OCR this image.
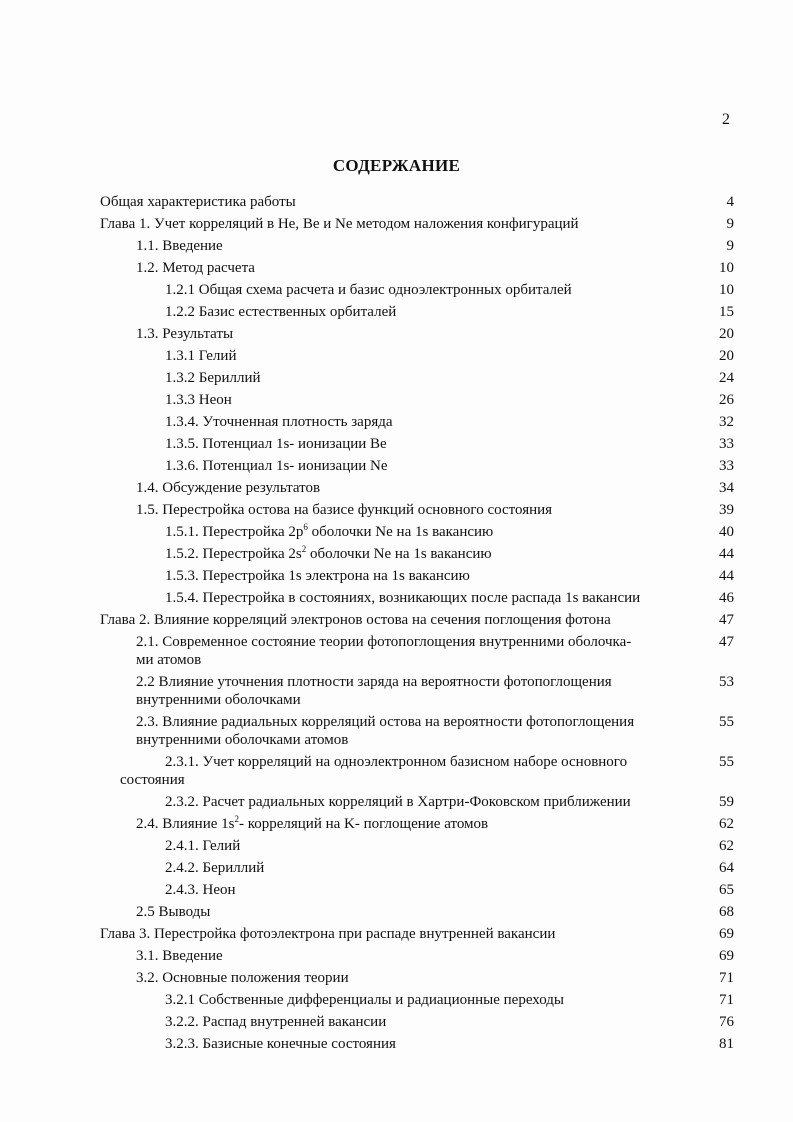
2
СОДЕРЖАНИЕ
Общая характеристика работы	4
Глава 1. Учет корреляций в He, Be и Ne методом наложения конфигураций	9
1.1. Введение	9
1.2. Метод расчета	10
1.2.1 Общая схема расчета и базис одноэлектронных орбиталей	10
1.2.2 Базис естественных орбиталей	15
1.3. Результаты	20
1.3.1 Гелий	20
1.3.2 Бериллий	24
1.3.3 Неон	26
1.3.4. Уточненная плотность заряда	32
1.3.5. Потенциал 1s- ионизации Be	33
1.3.6. Потенциал 1s- ионизации Ne	33
1.4. Обсуждение результатов	34
1.5. Перестройка остова на базисе функций основного состояния	39
1.5.1. Перестройка $2p^6$ оболочки Ne на 1s вакансию	40
1.5.2. Перестройка $2s^2$ оболочки Ne на 1s вакансию	44
1.5.3. Перестройка 1s электрона на 1s вакансию	44
1.5.4. Перестройка в состояниях, возникающих после распада 1s вакансии	46
Глава 2. Влияние корреляций электронов остова на сечения поглощения фотона	47
2.1. Современное состояние теории фотопоглощения внутренними оболочка-
ми атомов
47
2.2 Влияние уточнения плотности заряда на вероятности фотопоглощения
внутренними оболочками
53
2.3. Влияние радиальных корреляций остова на вероятности фотопоглощения
внутренними оболочками атомов
55
2.3.1. Учет корреляций на одноэлектронном базисном наборе основного
состояния
55
2.3.2. Расчет радиальных корреляций в Хартри-Фоковском приближении	59
2.4. Влияние $1s^2-$ корреляций на K- поглощение атомов	62
2.4.1. Гелий	62
2.4.2. Бериллий	64
2.4.3. Неон	65
2.5 Выводы	68
Глава 3. Перестройка фотоэлектрона при распаде внутренней вакансии	69
3.1. Введение	69
3.2. Основные положения теории	71
3.2.1 Собственные дифференциалы и радиационные переходы	71
3.2.2. Распад внутренней вакансии	76
3.2.3. Базисные конечные состояния	81
